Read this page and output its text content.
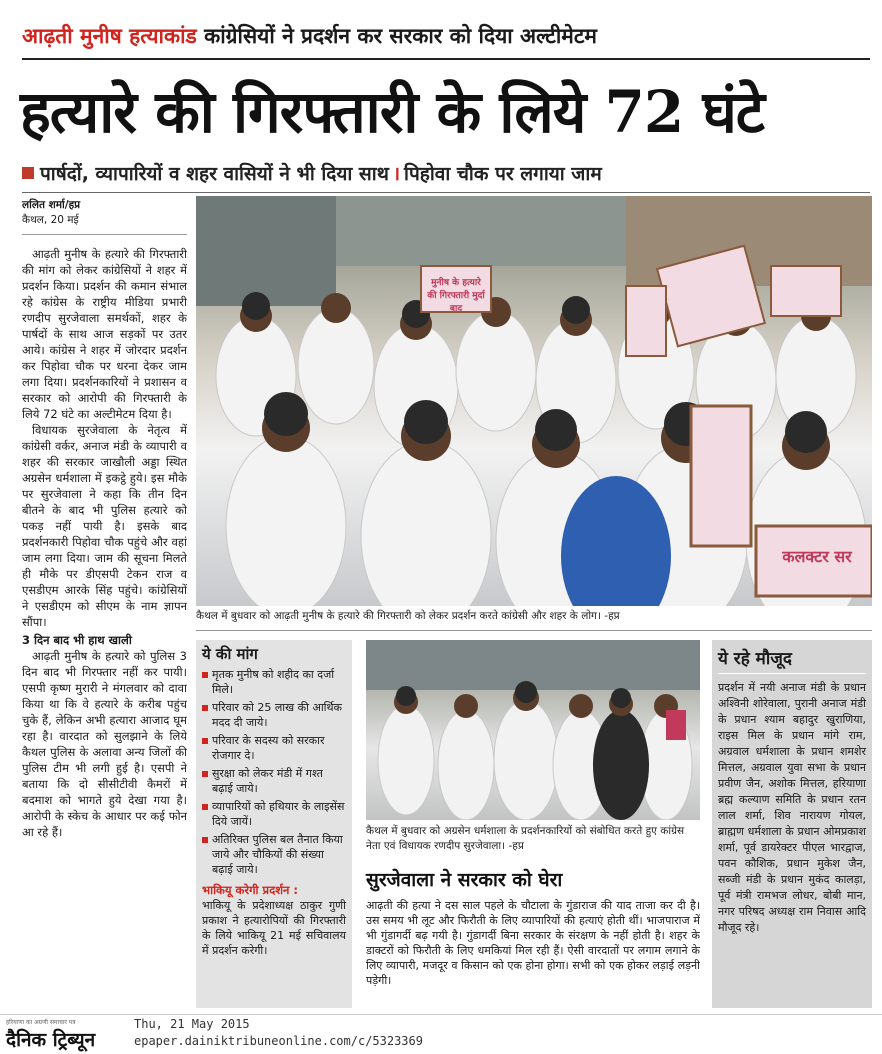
आढ़ती मुनीष हत्याकांड कांग्रेसियों ने प्रदर्शन कर सरकार को दिया अल्टीमेटम
हत्यारे की गिरफ्तारी के लिये 72 घंटे
पार्षदों, व्यापारियों व शहर वासियों ने भी दिया साथ । पिहोवा चौक पर लगाया जाम
ललित शर्मा/हप्र
कैथल, 20 मई

आढ़ती मुनीष के हत्यारे की गिरफ्तारी की मांग को लेकर कांग्रेसियों ने शहर में प्रदर्शन किया। प्रदर्शन की कमान संभाल रहे कांग्रेस के राष्ट्रीय मीडिया प्रभारी रणदीप सुरजेवाला समर्थकों, शहर के पार्षदों के साथ आज सड़कों पर उतर आये। कांग्रेस ने शहर में जोरदार प्रदर्शन कर पिहोवा चौक पर धरना देकर जाम लगा दिया। प्रदर्शनकारियों ने प्रशासन व सरकार को आरोपी की गिरफ्तारी के लिये 72 घंटे का अल्टीमेटम दिया है।

विधायक सुरजेवाला के नेतृत्व में कांग्रेसी वर्कर, अनाज मंडी के व्यापारी व शहर की सरकार जाखौली अड्डा स्थित अग्रसेन धर्मशाला में इकट्ठे हुये। इस मौके पर सुरजेवाला ने कहा कि तीन दिन बीतने के बाद भी पुलिस हत्यारे को पकड़ नहीं पायी है। इसके बाद प्रदर्शनकारी पिहोवा चौक पहुंचे और वहां जाम लगा दिया। जाम की सूचना मिलते ही मौके पर डीएसपी टेकन राज व एसडीएम आरके सिंह पहुंचे। कांग्रेसियों ने एसडीएम को सीएम के नाम ज्ञापन सौंपा।

3 दिन बाद भी हाथ खाली

आढ़ती मुनीष के हत्यारे को पुलिस 3 दिन बाद भी गिरफ्तार नहीं कर पायी। एसपी कृष्ण मुरारी ने मंगलवार को दावा किया था कि वे हत्यारे के करीब पहुंच चुके हैं, लेकिन अभी हत्यारा आजाद घूम रहा है। वारदात को सुलझाने के लिये कैथल पुलिस के अलावा अन्य जिलों की पुलिस टीम भी लगी हुई है। एसपी ने बताया कि दो सीसीटीवी कैमरों में बदमाश को भागते हुये देखा गया है। आरोपी के स्केच के आधार पर कई फोन आ रहे हैं।

मुनीष के हत्यारे की गिरफ्तारी मुर्दा बाद
कलक्टर सर
कैथल में बुधवार को आढ़ती मुनीष के हत्यारे की गिरफ्तारी को लेकर प्रदर्शन करते कांग्रेसी और शहर के लोग। -हप्र
ये की मांग
मृतक मुनीष को शहीद का दर्जा मिले।
परिवार को 25 लाख की आर्थिक मदद दी जाये।
परिवार के सदस्य को सरकार रोजगार दे।
सुरक्षा को लेकर मंडी में गश्त बढ़ाई जाये।
व्यापारियों को हथियार के लाइसेंस दिये जायें।
अतिरिक्त पुलिस बल तैनात किया जाये और चौकियों की संख्या बढ़ाई जाये।
भाकियू करेगी प्रदर्शन :
भाकियू के प्रदेशाध्यक्ष ठाकुर गुणी प्रकाश ने हत्यारोपियों की गिरफ्तारी के लिये भाकियू 21 मई सचिवालय में प्रदर्शन करेगी।
कैथल में बुधवार को अग्रसेन धर्मशाला के प्रदर्शनकारियों को संबोधित करते हुए कांग्रेस नेता एवं विधायक रणदीप सुरजेवाला। -हप्र
सुरजेवाला ने सरकार को घेरा
आढ़ती की हत्या ने दस साल पहले के चौटाला के गुंडाराज की याद ताजा कर दी है। उस समय भी लूट और फिरौती के लिए व्यापारियों की हत्याएं होती थीं। भाजपाराज में भी गुंडागर्दी बढ़ गयी है। गुंडागर्दी बिना सरकार के संरक्षण के नहीं होती है। शहर के डाक्टरों को फिरौती के लिए धमकियां मिल रही हैं। ऐसी वारदातों पर लगाम लगाने के लिए व्यापारी, मजदूर व किसान को एक होना होगा। सभी को एक होकर लड़ाई लड़नी पड़ेगी।
ये रहे मौजूद
प्रदर्शन में नयी अनाज मंडी के प्रधान अश्विनी शोरेवाला, पुरानी अनाज मंडी के प्रधान श्याम बहादुर खुराणिया, राइस मिल के प्रधान मांगे राम, अग्रवाल धर्मशाला के प्रधान शमशेर मित्तल, अग्रवाल युवा सभा के प्रधान प्रवीण जैन, अशोक मित्तल, हरियाणा ब्रह्म कल्याण समिति के प्रधान रतन लाल शर्मा, शिव नारायण गोयल, ब्राह्मण धर्मशाला के प्रधान ओमप्रकाश शर्मा, पूर्व डायरेक्टर पीएल भारद्वाज, पवन कौशिक, प्रधान मुकेश जैन, सब्जी मंडी के प्रधान मुकंद कालड़ा, पूर्व मंत्री रामभज लोधर, बोबी मान, नगर परिषद अध्यक्ष राम निवास आदि मौजूद रहे।
हरियाणा का अग्रणी समाचार पत्र
दैनिक ट्रिब्यून
Thu, 21 May 2015
epaper.dainiktribuneonline.com/c/5323369
